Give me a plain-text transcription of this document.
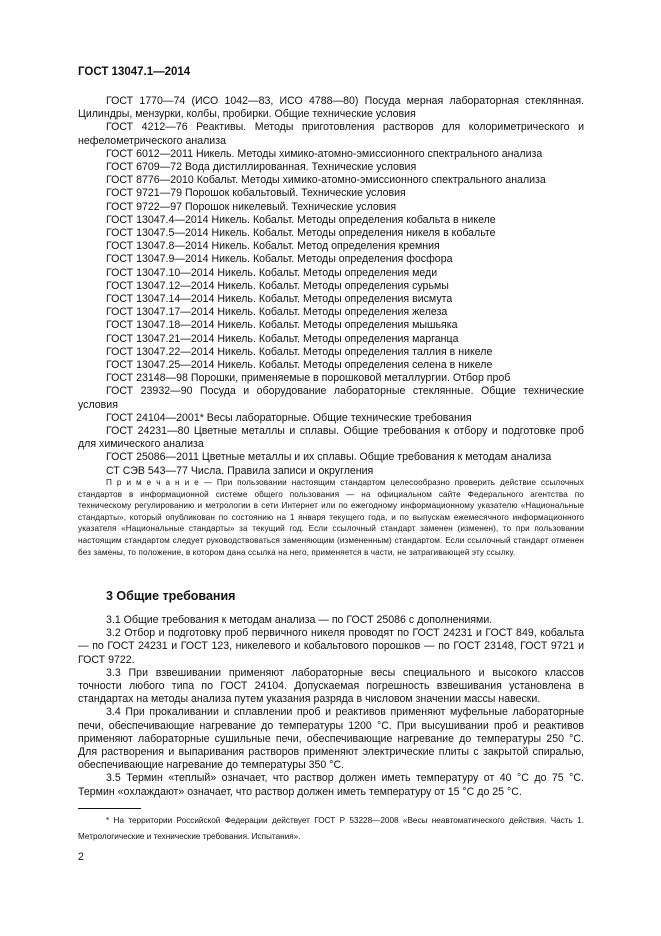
ГОСТ 13047.1—2014
ГОСТ 1770—74 (ИСО 1042—83, ИСО 4788—80) Посуда мерная лабораторная стеклянная. Цилиндры, мензурки, колбы, пробирки. Общие технические условия
ГОСТ 4212—76 Реактивы. Методы приготовления растворов для колориметрического и нефелометрического анализа
ГОСТ 6012—2011 Никель. Методы химико-атомно-эмиссионного спектрального анализа
ГОСТ 6709—72 Вода дистиллированная. Технические условия
ГОСТ 8776—2010 Кобальт. Методы химико-атомно-эмиссионного спектрального анализа
ГОСТ 9721—79 Порошок кобальтовый. Технические условия
ГОСТ 9722—97 Порошок никелевый. Технические условия
ГОСТ 13047.4—2014 Никель. Кобальт. Методы определения кобальта в никеле
ГОСТ 13047.5—2014 Никель. Кобальт. Методы определения никеля в кобальте
ГОСТ 13047.8—2014 Никель. Кобальт. Метод определения кремния
ГОСТ 13047.9—2014 Никель. Кобальт. Методы определения фосфора
ГОСТ 13047.10—2014 Никель. Кобальт. Методы определения меди
ГОСТ 13047.12—2014 Никель. Кобальт. Методы определения сурьмы
ГОСТ 13047.14—2014 Никель. Кобальт. Методы определения висмута
ГОСТ 13047.17—2014 Никель. Кобальт. Методы определения железа
ГОСТ 13047.18—2014 Никель. Кобальт. Методы определения мышьяка
ГОСТ 13047.21—2014 Никель. Кобальт. Методы определения марганца
ГОСТ 13047.22—2014 Никель. Кобальт. Методы определения таллия в никеле
ГОСТ 13047.25—2014 Никель. Кобальт. Методы определения селена в никеле
ГОСТ 23148—98 Порошки, применяемые в порошковой металлургии. Отбор проб
ГОСТ 23932—90 Посуда и оборудование лабораторные стеклянные. Общие технические условия
ГОСТ 24104—2001* Весы лабораторные. Общие технические требования
ГОСТ 24231—80 Цветные металлы и сплавы. Общие требования к отбору и подготовке проб для химического анализа
ГОСТ 25086—2011 Цветные металлы и их сплавы. Общие требования к методам анализа
СТ СЭВ 543—77 Числа. Правила записи и округления
П р и м е ч а н и е — При пользовании настоящим стандартом целесообразно проверить действие ссылочных стандартов в информационной системе общего пользования — на официальном сайте Федерального агентства по техническому регулированию и метрологии в сети Интернет или по ежегодному информационному указателю «Национальные стандарты», который опубликован по состоянию на 1 января текущего года, и по выпускам ежемесячного информационного указателя «Национальные стандарты» за текущий год. Если ссылочный стандарт заменен (изменен), то при пользовании настоящим стандартом следует руководствоваться заменяющим (измененным) стандартом. Если ссылочный стандарт отменен без замены, то положение, в котором дана ссылка на него, применяется в части, не затрагивающей эту ссылку.
3 Общие требования
3.1 Общие требования к методам анализа — по ГОСТ 25086 с дополнениями.
3.2 Отбор и подготовку проб первичного никеля проводят по ГОСТ 24231 и ГОСТ 849, кобальта — по ГОСТ 24231 и ГОСТ 123, никелевого и кобальтового порошков — по ГОСТ 23148, ГОСТ 9721 и ГОСТ 9722.
3.3 При взвешивании применяют лабораторные весы специального и высокого классов точности любого типа по ГОСТ 24104. Допускаемая погрешность взвешивания установлена в стандартах на методы анализа путем указания разряда в числовом значении массы навески.
3.4 При прокаливании и сплавлении проб и реактивов применяют муфельные лабораторные печи, обеспечивающие нагревание до температуры 1200 °С. При высушивании проб и реактивов применяют лабораторные сушильные печи, обеспечивающие нагревание до температуры 250 °С. Для растворения и выпаривания растворов применяют электрические плиты с закрытой спиралью, обеспечивающие нагревание до температуры 350 °С.
3.5 Термин «теплый» означает, что раствор должен иметь температуру от 40 °С до 75 °С. Термин «охлаждают» означает, что раствор должен иметь температуру от 15 °С до 25 °С.
* На территории Российской Федерации действует ГОСТ Р 53228—2008 «Весы неавтоматического действия. Часть 1. Метрологические и технические требования. Испытания».
2
